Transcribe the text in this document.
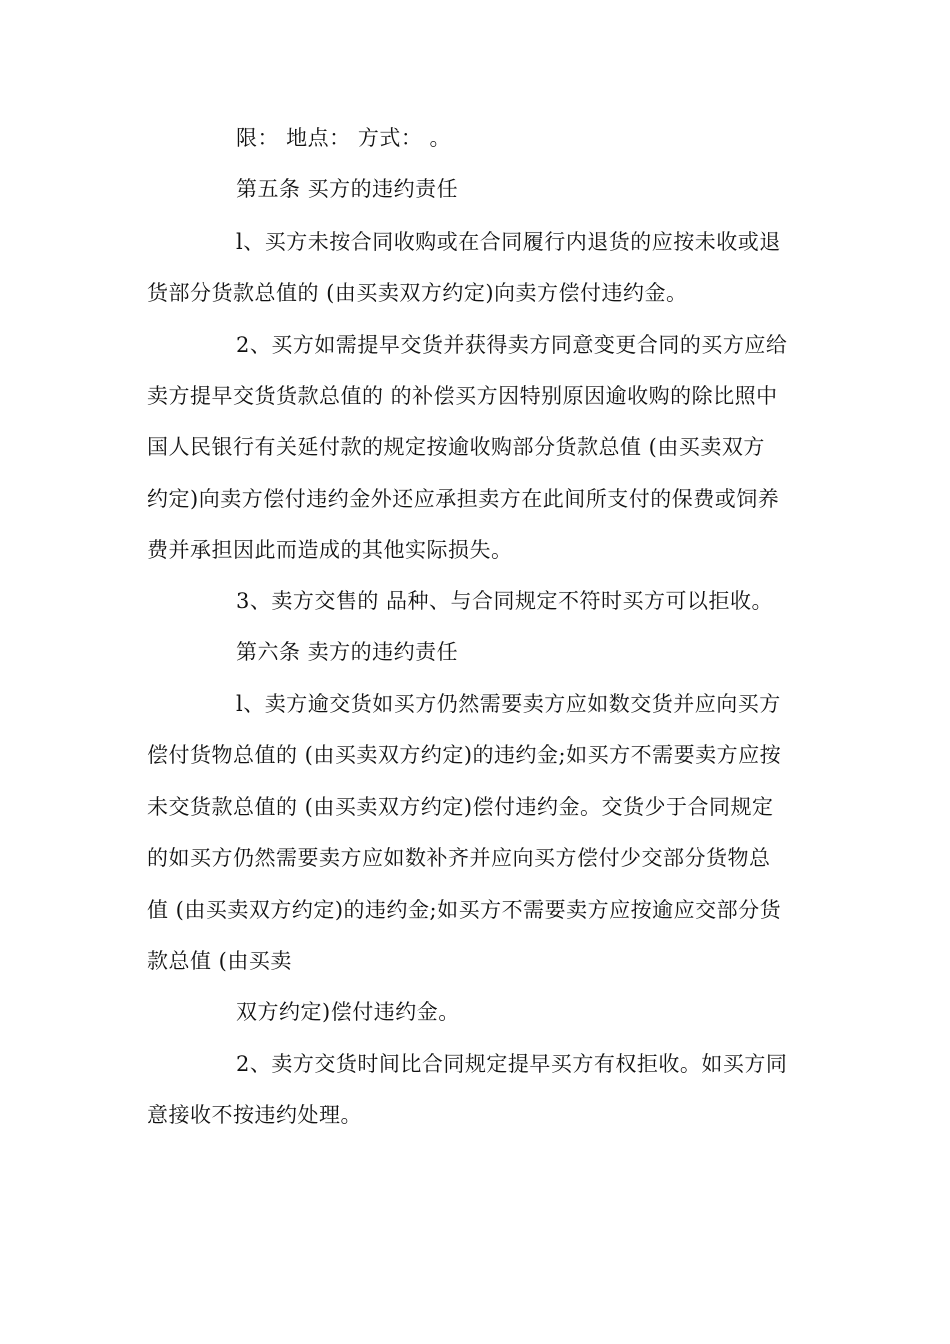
限： 地点： 方式： 。
第五条 买方的违约责任
l、买方未按合同收购或在合同履行内退货的应按未收或退
货部分货款总值的 (由买卖双方约定)向卖方偿付违约金。
2、买方如需提早交货并获得卖方同意变更合同的买方应给
卖方提早交货货款总值的 的补偿买方因特别原因逾收购的除比照中
国人民银行有关延付款的规定按逾收购部分货款总值 (由买卖双方
约定)向卖方偿付违约金外还应承担卖方在此间所支付的保费或饲养
费并承担因此而造成的其他实际损失。
3、卖方交售的 品种、与合同规定不符时买方可以拒收。
第六条 卖方的违约责任
l、卖方逾交货如买方仍然需要卖方应如数交货并应向买方
偿付货物总值的 (由买卖双方约定)的违约金;如买方不需要卖方应按
未交货款总值的 (由买卖双方约定)偿付违约金。交货少于合同规定
的如买方仍然需要卖方应如数补齐并应向买方偿付少交部分货物总
值 (由买卖双方约定)的违约金;如买方不需要卖方应按逾应交部分货
款总值 (由买卖
双方约定)偿付违约金。
2、卖方交货时间比合同规定提早买方有权拒收。如买方同
意接收不按违约处理。
